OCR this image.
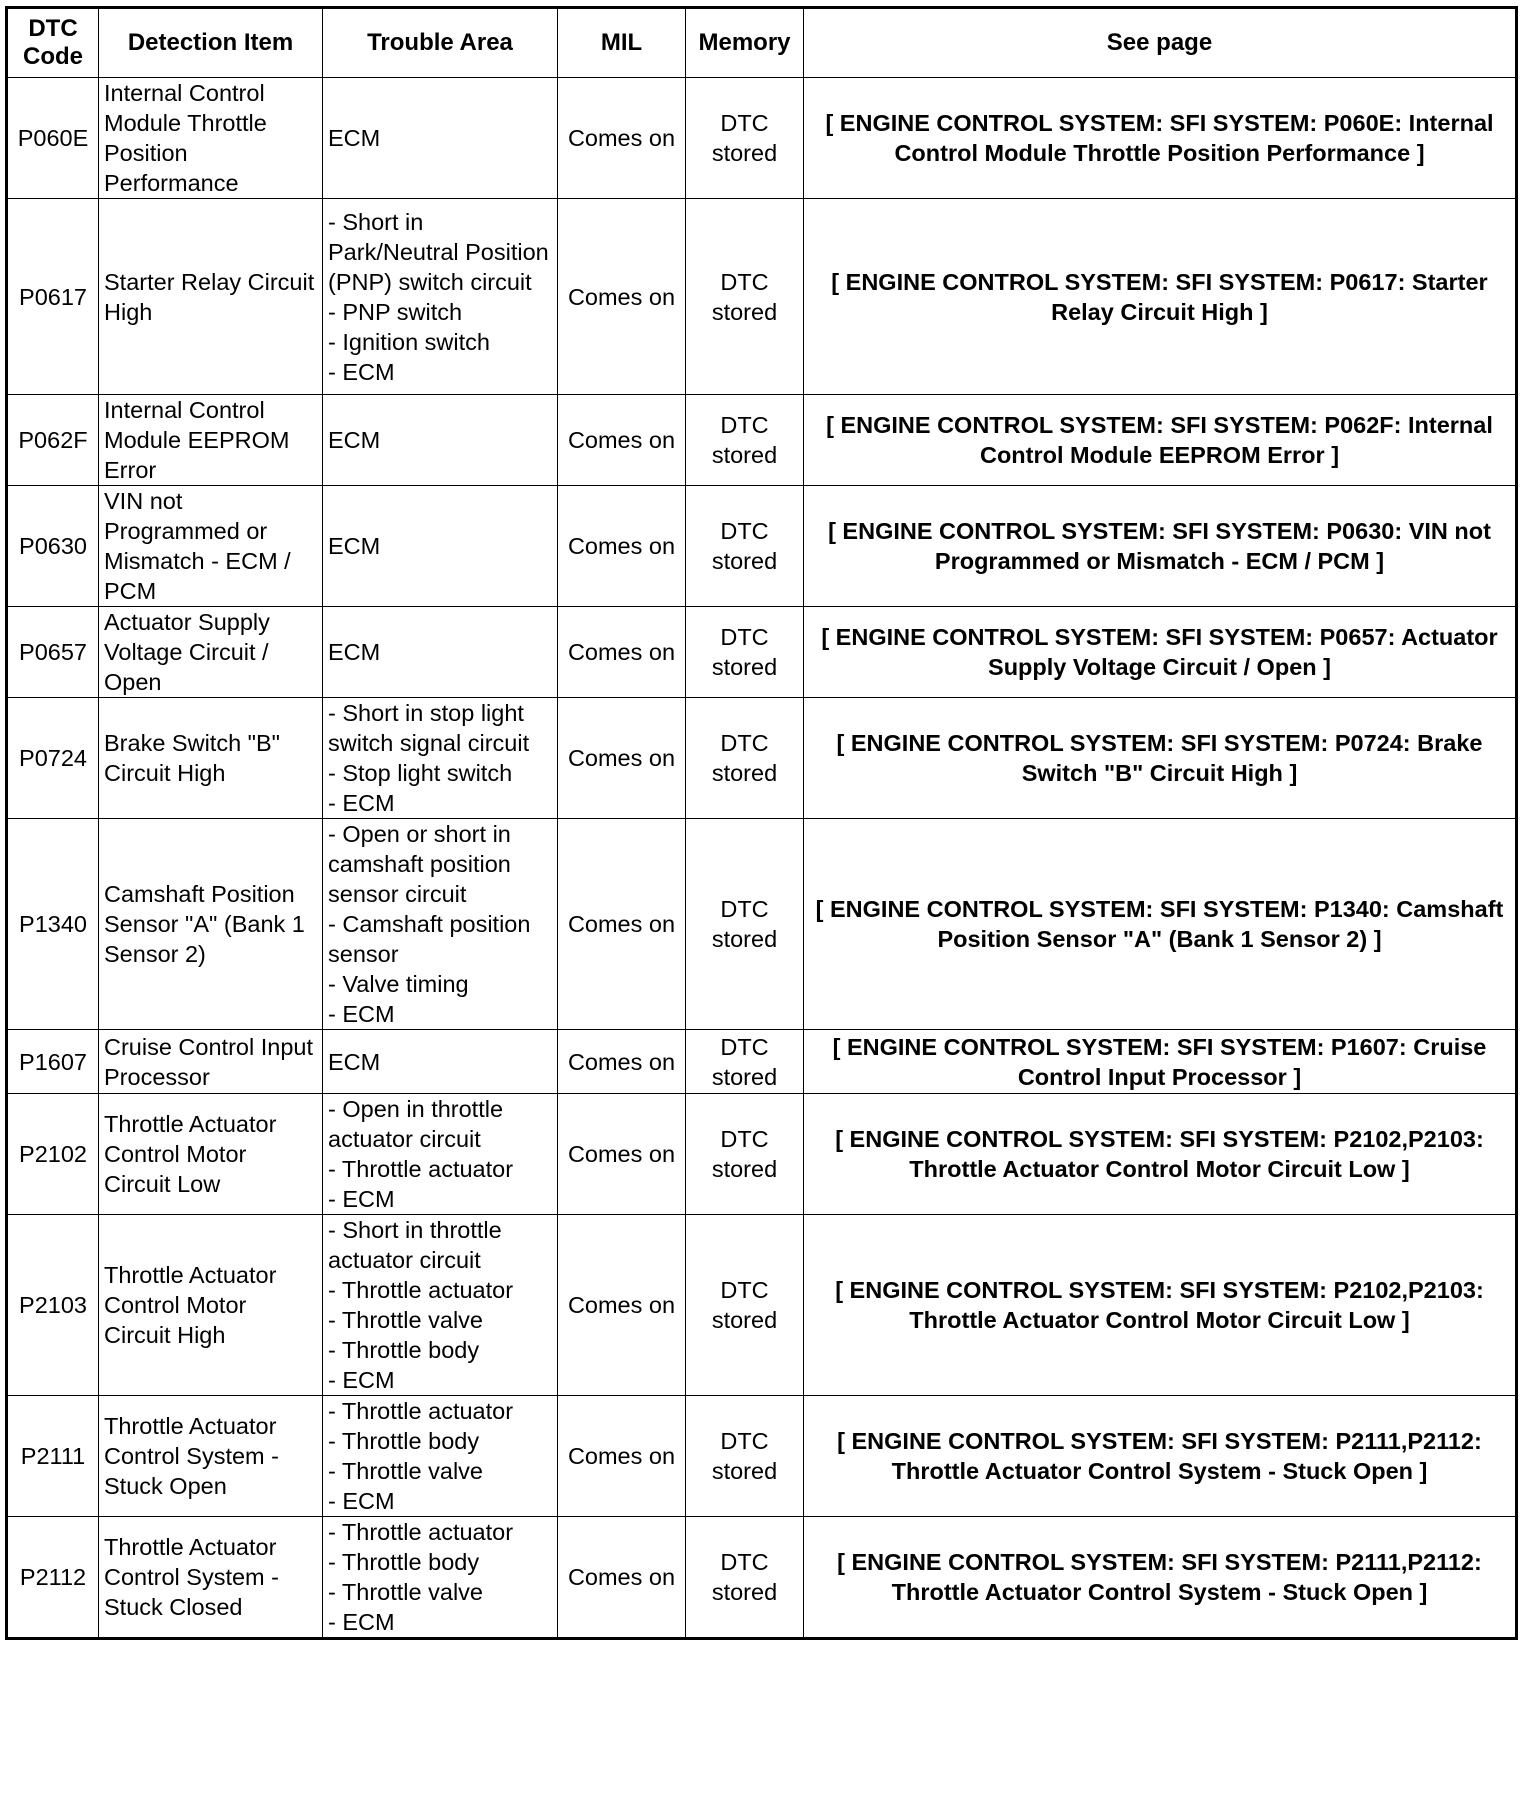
DTC Code	Detection Item	Trouble Area	MIL	Memory	See page
P060E	Internal Control Module Throttle Position Performance	ECM	Comes on	DTC stored	[ ENGINE CONTROL SYSTEM: SFI SYSTEM: P060E: Internal Control Module Throttle Position Performance ]
P0617	Starter Relay Circuit High	- Short in Park/Neutral Position (PNP) switch circuit
- PNP switch
- Ignition switch
- ECM	Comes on	DTC stored	[ ENGINE CONTROL SYSTEM: SFI SYSTEM: P0617: Starter Relay Circuit High ]
P062F	Internal Control Module EEPROM Error	ECM	Comes on	DTC stored	[ ENGINE CONTROL SYSTEM: SFI SYSTEM: P062F: Internal Control Module EEPROM Error ]
P0630	VIN not Programmed or Mismatch - ECM / PCM	ECM	Comes on	DTC stored	[ ENGINE CONTROL SYSTEM: SFI SYSTEM: P0630: VIN not Programmed or Mismatch - ECM / PCM ]
P0657	Actuator Supply Voltage Circuit / Open	ECM	Comes on	DTC stored	[ ENGINE CONTROL SYSTEM: SFI SYSTEM: P0657: Actuator Supply Voltage Circuit / Open ]
P0724	Brake Switch "B" Circuit High	- Short in stop light switch signal circuit
- Stop light switch
- ECM	Comes on	DTC stored	[ ENGINE CONTROL SYSTEM: SFI SYSTEM: P0724: Brake Switch "B" Circuit High ]
P1340	Camshaft Position Sensor "A" (Bank 1 Sensor 2)	- Open or short in camshaft position sensor circuit
- Camshaft position sensor
- Valve timing
- ECM	Comes on	DTC stored	[ ENGINE CONTROL SYSTEM: SFI SYSTEM: P1340: Camshaft Position Sensor "A" (Bank 1 Sensor 2) ]
P1607	Cruise Control Input Processor	ECM	Comes on	DTC stored	[ ENGINE CONTROL SYSTEM: SFI SYSTEM: P1607: Cruise Control Input Processor ]
P2102	Throttle Actuator Control Motor Circuit Low	- Open in throttle actuator circuit
- Throttle actuator
- ECM	Comes on	DTC stored	[ ENGINE CONTROL SYSTEM: SFI SYSTEM: P2102,P2103: Throttle Actuator Control Motor Circuit Low ]
P2103	Throttle Actuator Control Motor Circuit High	- Short in throttle actuator circuit
- Throttle actuator
- Throttle valve
- Throttle body
- ECM	Comes on	DTC stored	[ ENGINE CONTROL SYSTEM: SFI SYSTEM: P2102,P2103: Throttle Actuator Control Motor Circuit Low ]
P2111	Throttle Actuator Control System - Stuck Open	- Throttle actuator
- Throttle body
- Throttle valve
- ECM	Comes on	DTC stored	[ ENGINE CONTROL SYSTEM: SFI SYSTEM: P2111,P2112: Throttle Actuator Control System - Stuck Open ]
P2112	Throttle Actuator Control System - Stuck Closed	- Throttle actuator
- Throttle body
- Throttle valve
- ECM	Comes on	DTC stored	[ ENGINE CONTROL SYSTEM: SFI SYSTEM: P2111,P2112: Throttle Actuator Control System - Stuck Open ]
